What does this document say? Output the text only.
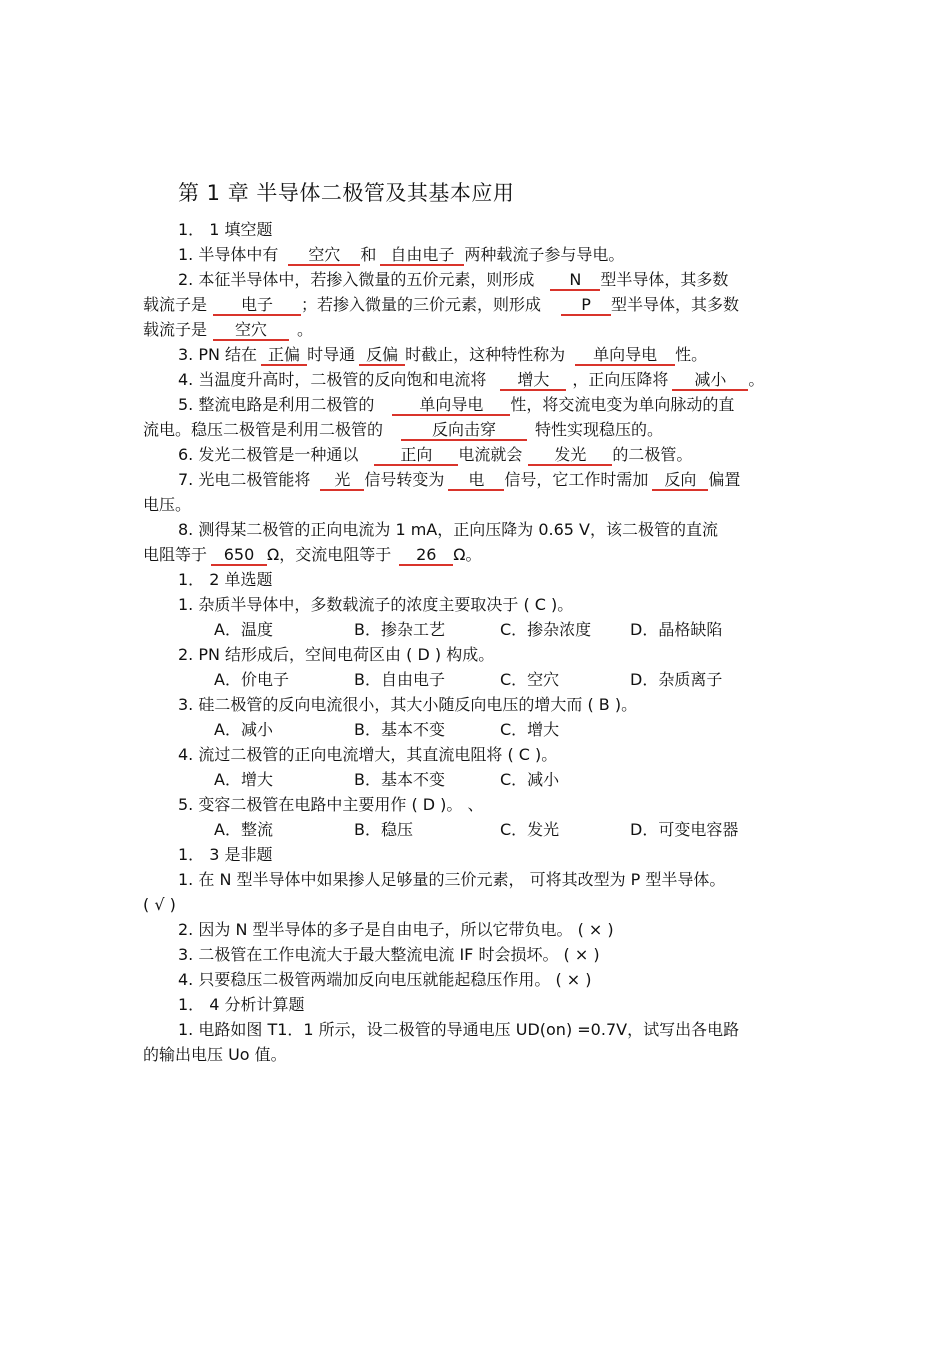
第 1 章 半导体二极管及其基本应用
1． 1 填空题
1. 半导体中有 空穴 和 自由电子 两种载流子参与导电。
2. 本征半导体中，若掺入微量的五价元素，则形成 N 型半导体，其多数
载流子是 电子 ；若掺入微量的三价元素，则形成	P 型半导体，其多数
载流子是 空穴 。
3. PN 结在 正偏 时导通 反偏 时截止，这种特性称为 单向导电 性。
4. 当温度升高时，二极管的反向饱和电流将 增大 ，正向压降将 减小 。
5. 整流电路是利用二极管的	单向导电 性，将交流电变为单向脉动的直
流电。稳压二极管是利用二极管的	反向击穿 特性实现稳压的。
6. 发光二极管是一种通以	正向 电流就会 发光 的二极管。
7. 光电二极管能将 光 信号转变为 电 信号，它工作时需加 反向 偏置
电压。
8. 测得某二极管的正向电流为 1 mA，正向压降为 0.65 V，该二极管的直流
电阻等于 650 Ω，交流电阻等于 26 Ω。
1． 2 单选题
1. 杂质半导体中，多数载流子的浓度主要取决于 ( C )。
A．温度	B．掺杂工艺	C．掺杂浓度 D．晶格缺陷
2. PN 结形成后，空间电荷区由 ( D ) 构成。
A．价电子	B．自由电子	C．空穴	D．杂质离子
3. 硅二极管的反向电流很小，其大小随反向电压的增大而 ( B )。
A．减小	B．基本不变	C．增大
4. 流过二极管的正向电流增大，其直流电阻将 ( C )。
A．增大	B．基本不变	C．减小
5. 变容二极管在电路中主要用作 ( D )。 、
A．整流	B．稳压	C．发光	D．可变电容器
1． 3 是非题
1. 在 N 型半导体中如果掺人足够量的三价元素， 可将其改型为 P 型半导体。
( √ )
2. 因为 N 型半导体的多子是自由电子，所以它带负电。 ( × )
3. 二极管在工作电流大于最大整流电流 IF 时会损坏。 ( × )
4. 只要稳压二极管两端加反向电压就能起稳压作用。 ( × )
1． 4 分析计算题
1. 电路如图 T1．1 所示，设二极管的导通电压 UD(on) =0.7V，试写出各电路
的输出电压 Uo 值。
